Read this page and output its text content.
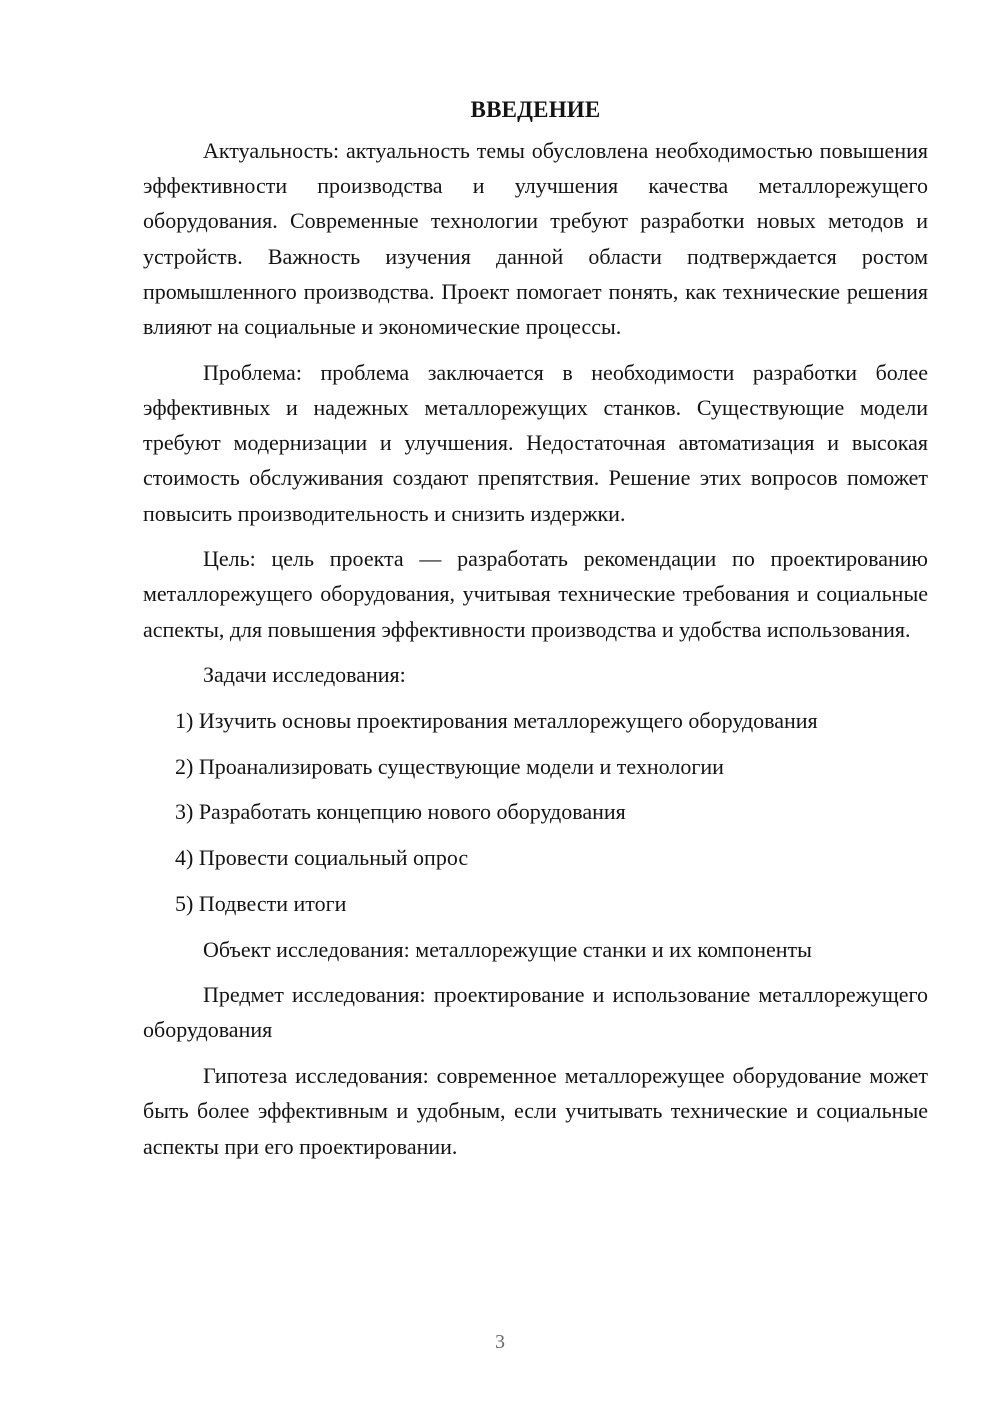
ВВЕДЕНИЕ

Актуальность: актуальность темы обусловлена необходимостью повышения эффективности производства и улучшения качества металлорежущего оборудования. Современные технологии требуют разработки новых методов и устройств. Важность изучения данной области подтверждается ростом промышленного производства. Проект помогает понять, как технические решения влияют на социальные и экономические процессы.

Проблема: проблема заключается в необходимости разработки более эффективных и надежных металлорежущих станков. Существующие модели требуют модернизации и улучшения. Недостаточная автоматизация и высокая стоимость обслуживания создают препятствия. Решение этих вопросов поможет повысить производительность и снизить издержки.

Цель: цель проекта — разработать рекомендации по проектированию металлорежущего оборудования, учитывая технические требования и социальные аспекты, для повышения эффективности производства и удобства использования.

Задачи исследования:

1) Изучить основы проектирования металлорежущего оборудования

2) Проанализировать существующие модели и технологии

3) Разработать концепцию нового оборудования

4) Провести социальный опрос

5) Подвести итоги

Объект исследования: металлорежущие станки и их компоненты

Предмет исследования: проектирование и использование металлорежущего оборудования

Гипотеза исследования: современное металлорежущее оборудование может быть более эффективным и удобным, если учитывать технические и социальные аспекты при его проектировании.

3
